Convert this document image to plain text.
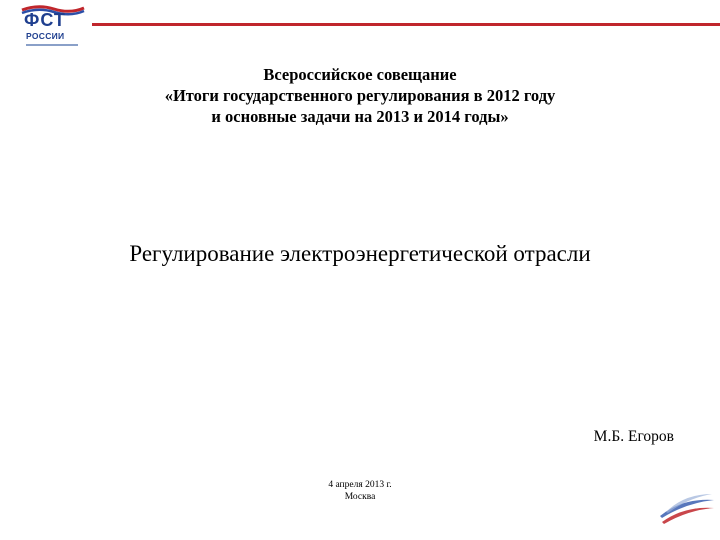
ФСТ
РОССИИ
Всероссийское совещание
«Итоги государственного регулирования в 2012 году
и основные задачи на 2013 и 2014 годы»
Регулирование электроэнергетической отрасли
М.Б. Егоров
4 апреля 2013 г.
Москва
